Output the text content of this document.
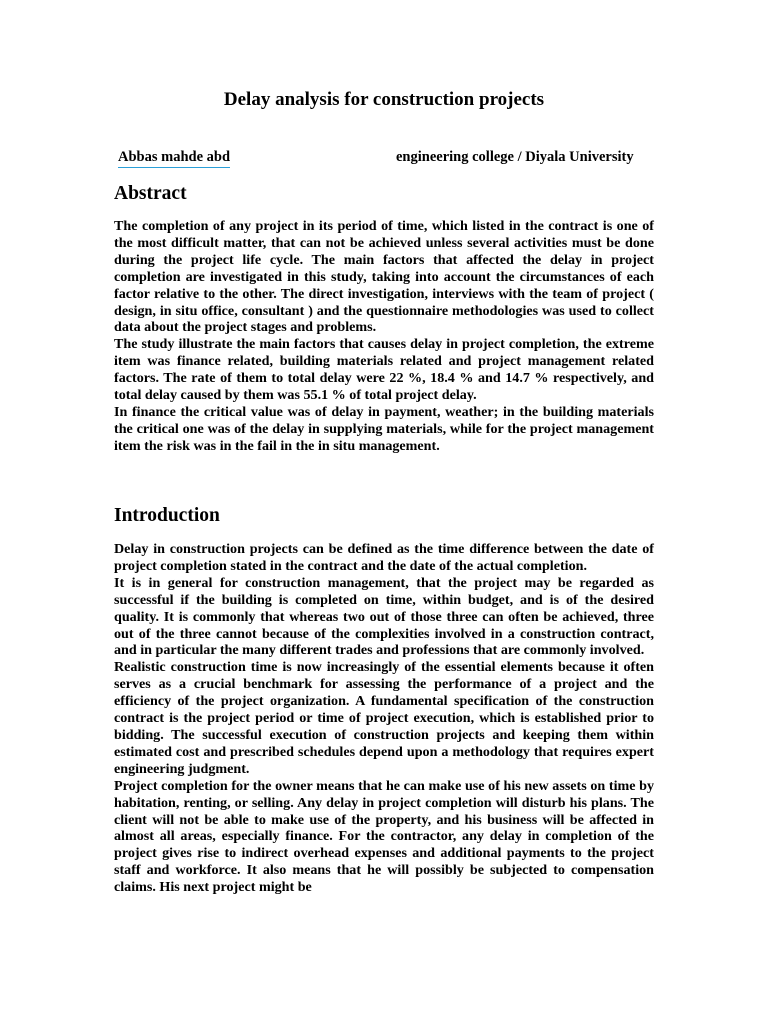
Delay analysis for construction projects
Abbas mahde abd	engineering college / Diyala University
Abstract

The completion of any project in its period of time, which listed in the contract is one of the most difficult matter, that can not be achieved unless several activities must be done during the project life cycle. The main factors that affected the delay in project completion are investigated in this study, taking into account the circumstances of each factor relative to the other. The direct investigation, interviews with the team of project ( design, in situ office, consultant ) and the questionnaire methodologies was used to collect data about the project stages and problems.

The study illustrate the main factors that causes delay in project completion, the extreme item was finance related, building materials related and project management related factors. The rate of them to total delay were 22 %, 18.4 % and 14.7 % respectively, and total delay caused by them was 55.1 % of total project delay.

In finance the critical value was of delay in payment, weather; in the building materials the critical one was of the delay in supplying materials, while for the project management item the risk was in the fail in the in situ management.

Introduction

Delay in construction projects can be defined as the time difference between the date of project completion stated in the contract and the date of the actual completion.

It is in general for construction management, that the project may be regarded as successful if the building is completed on time, within budget, and is of the desired quality. It is commonly that whereas two out of those three can often be achieved, three out of the three cannot because of the complexities involved in a construction contract, and in particular the many different trades and professions that are commonly involved.

Realistic construction time is now increasingly of the essential elements because it often serves as a crucial benchmark for assessing the performance of a project and the efficiency of the project organization. A fundamental specification of the construction contract is the project period or time of project execution, which is established prior to bidding. The successful execution of construction projects and keeping them within estimated cost and prescribed schedules depend upon a methodology that requires expert engineering judgment.

Project completion for the owner means that he can make use of his new assets on time by habitation, renting, or selling. Any delay in project completion will disturb his plans. The client will not be able to make use of the property, and his business will be affected in almost all areas, especially finance. For the contractor, any delay in completion of the project gives rise to indirect overhead expenses and additional payments to the project staff and workforce. It also means that he will possibly be subjected to compensation claims. His next project might be
